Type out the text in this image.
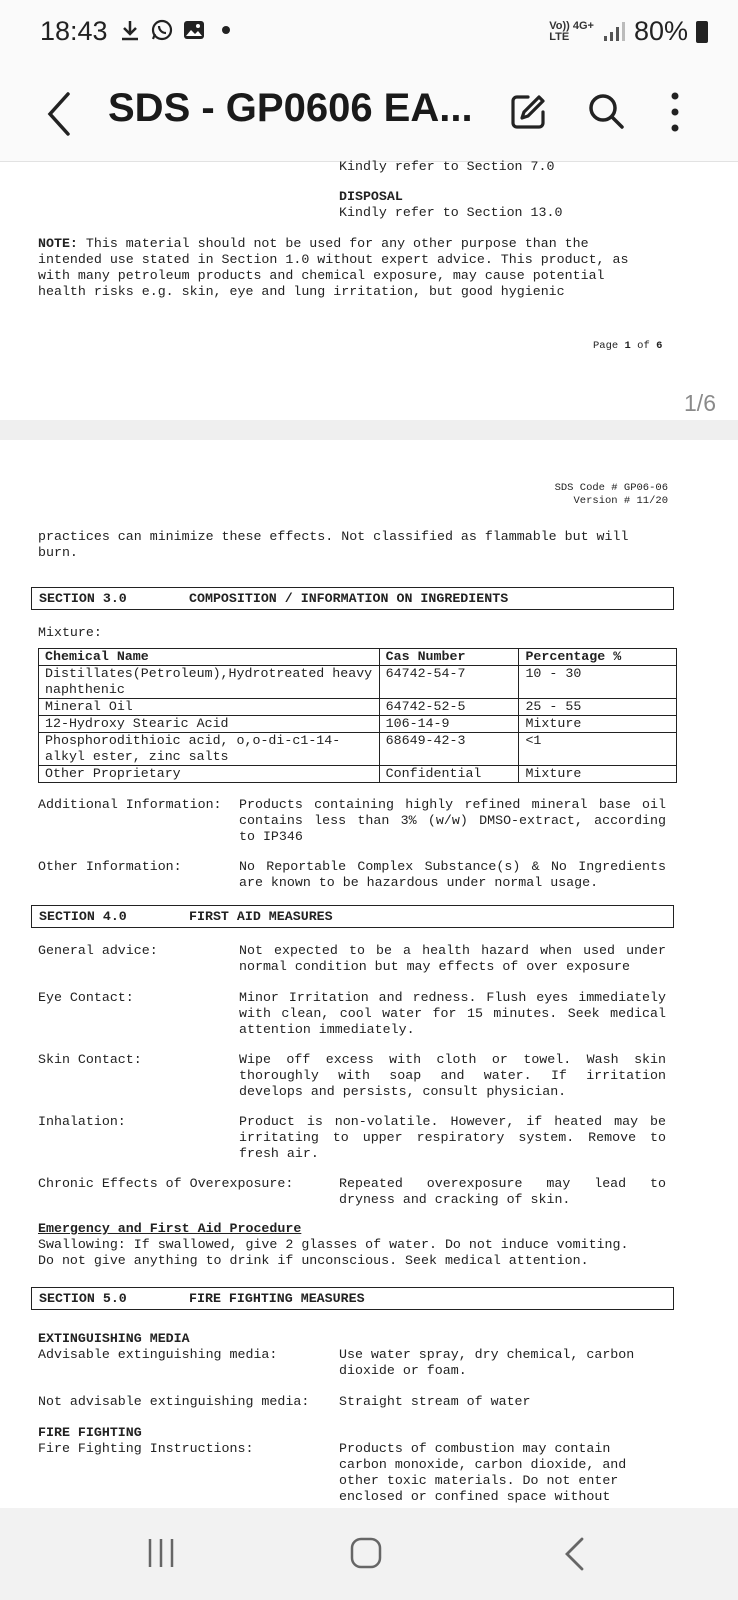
18:43	Vo)) 4G+
LTE	80%
SDS - GP0606 EA...
Kindly refer to Section 7.0
DISPOSAL
Kindly refer to Section 13.0
NOTE: This material should not be used for any other purpose than the
intended use stated in Section 1.0 without expert advice. This product, as
with many petroleum products and chemical exposure, may cause potential
health risks e.g. skin, eye and lung irritation, but good hygienic
Page 1 of 6
1/6
SDS Code # GP06-06
Version # 11/20
practices can minimize these effects. Not classified as flammable but will
burn.
SECTION 3.0	COMPOSITION / INFORMATION ON INGREDIENTS
Mixture:
Chemical Name	Cas Number	Percentage %
Distillates(Petroleum),Hydrotreated heavy naphthenic	64742-54-7	10 - 30
Mineral Oil	64742-52-5	25 - 55
12-Hydroxy Stearic Acid	106-14-9	Mixture
Phosphorodithioic acid, o,o-di-c1-14-alkyl ester, zinc salts	68649-42-3	<1
Other Proprietary	Confidential	Mixture
Additional Information: Products containing highly refined mineral base oil contains less than 3% (w/w) DMSO-extract, according to IP346
Other Information:	No Reportable Complex Substance(s) & No Ingredients are known to be hazardous under normal usage.
SECTION 4.0	FIRST AID MEASURES
General advice:	Not expected to be a health hazard when used under normal condition but may effects of over exposure
Eye Contact:	Minor Irritation and redness. Flush eyes immediately with clean, cool water for 15 minutes. Seek medical attention immediately.
Skin Contact:	Wipe off excess with cloth or towel. Wash skin thoroughly with soap and water. If irritation develops and persists, consult physician.
Inhalation:	Product is non-volatile. However, if heated may be irritating to upper respiratory system. Remove to fresh air.
Chronic Effects of Overexposure:	Repeated overexposure may lead to dryness and cracking of skin.
Emergency and First Aid Procedure
Swallowing: If swallowed, give 2 glasses of water. Do not induce vomiting.
Do not give anything to drink if unconscious. Seek medical attention.
SECTION 5.0	FIRE FIGHTING MEASURES
EXTINGUISHING MEDIA
Advisable extinguishing media:	Use water spray, dry chemical, carbon
dioxide or foam.
Not advisable extinguishing media: Straight stream of water
FIRE FIGHTING
Fire Fighting Instructions:	Products of combustion may contain
carbon monoxide, carbon dioxide, and
other toxic materials. Do not enter
enclosed or confined space without
